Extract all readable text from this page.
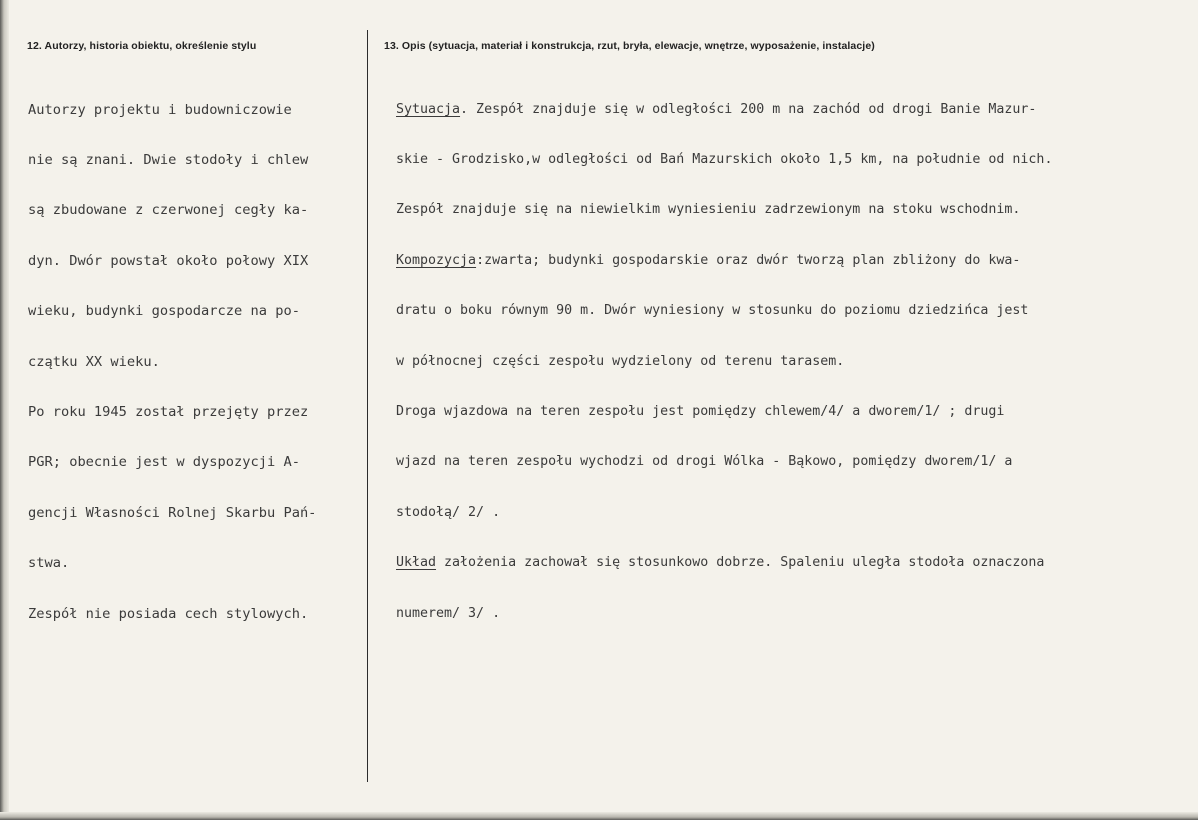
12. Autorzy, historia obiektu, określenie stylu	13. Opis (sytuacja, materiał i konstrukcja, rzut, bryła, elewacje, wnętrze, wyposażenie, instalacje)

Autorzy projektu i budowniczowie

nie są znani. Dwie stodoły i chlew

są zbudowane z czerwonej cegły ka-

dyn. Dwór powstał około połowy XIX

wieku, budynki gospodarcze na po-

czątku XX wieku.

Po roku 1945 został przejęty przez

PGR; obecnie jest w dyspozycji A-

gencji Własności Rolnej Skarbu Pań-

stwa.

Zespół nie posiada cech stylowych.

Sytuacja. Zespół znajduje się w odległości 200 m na zachód od drogi Banie Mazur-

skie - Grodzisko,w odległości od Bań Mazurskich około 1,5 km, na południe od nich.

Zespół znajduje się na niewielkim wyniesieniu zadrzewionym na stoku wschodnim.

Kompozycja:zwarta; budynki gospodarskie oraz dwór tworzą plan zbliżony do kwa-

dratu o boku równym 90 m. Dwór wyniesiony w stosunku do poziomu dziedzińca jest

w północnej części zespołu wydzielony od terenu tarasem.

Droga wjazdowa na teren zespołu jest pomiędzy chlewem/4/ a dworem/1/ ; drugi

wjazd na teren zespołu wychodzi od drogi Wólka - Bąkowo, pomiędzy dworem/1/ a

stodołą/ 2/ .

Układ założenia zachował się stosunkowo dobrze. Spaleniu uległa stodoła oznaczona

numerem/ 3/ .
